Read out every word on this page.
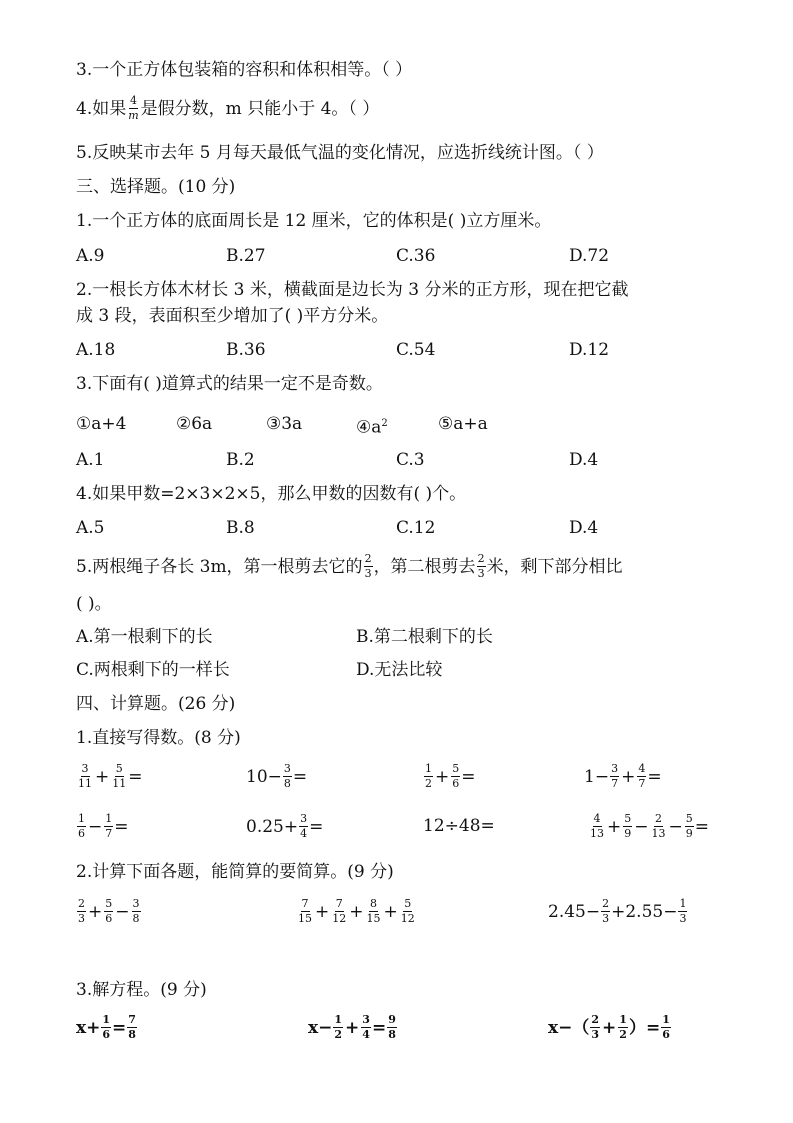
3.一个正方体包装箱的容积和体积相等。（ ）
4.如果 $\frac{4}{m}$ 是假分数，m 只能小于 4。（ ）
5.反映某市去年 5 月每天最低气温的变化情况，应选折线统计图。（ ）
三、选择题。(10 分)
1.一个正方体的底面周长是 12 厘米，它的体积是( )立方厘米。
A.9	B.27	C.36	D.72
2.一根长方体木材长 3 米，横截面是边长为 3 分米的正方形，现在把它截
成 3 段，表面积至少增加了( )平方分米。
A.18	B.36	C.54	D.12
3.下面有( )道算式的结果一定不是奇数。
①a+4	②6a	③3a	$④a^2$	⑤a+a
A.1	B.2	C.3	D.4
4.如果甲数=2×3×2×5，那么甲数的因数有( )个。
A.5	B.8	C.12	D.4
5.两根绳子各长 3m，第一根剪去它的 $\frac{2}{3}$ ，第二根剪去 $\frac{2}{3}$ 米，剩下部分相比
( )。
A.第一根剩下的长	B.第二根剩下的长
C.两根剩下的一样长	D.无法比较
四、计算题。(26 分)
1.直接写得数。(8 分)
$\frac{3}{11} + \frac{5}{11}$ =	$10- \frac{3}{8}$ =	$\frac{1}{2} + \frac{5}{6}$ =	$1- \frac{3}{7} + \frac{4}{7}$ =
$\frac{1}{6} - \frac{1}{7}$ =	$0.25+ \frac{3}{4}$ =	12÷48=	$\frac{4}{13} + \frac{5}{9} - \frac{2}{13} - \frac{5}{9}$ =
2.计算下面各题，能简算的要简算。(9 分)
$\frac{2}{3} + \frac{5}{6} - \frac{3}{8}$	$\frac{7}{15} + \frac{7}{12} + \frac{8}{15} + \frac{5}{12}$	$2.45- \frac{2}{3} +2.55- \frac{1}{3}$
3.解方程。(9 分)
$x+ \frac{1}{6} = \frac{7}{8}$	$x- \frac{1}{2} + \frac{3}{4} = \frac{9}{8}$	$x-( \frac{2}{3} + \frac{1}{2}$ ）= $\frac{1}{6}$
